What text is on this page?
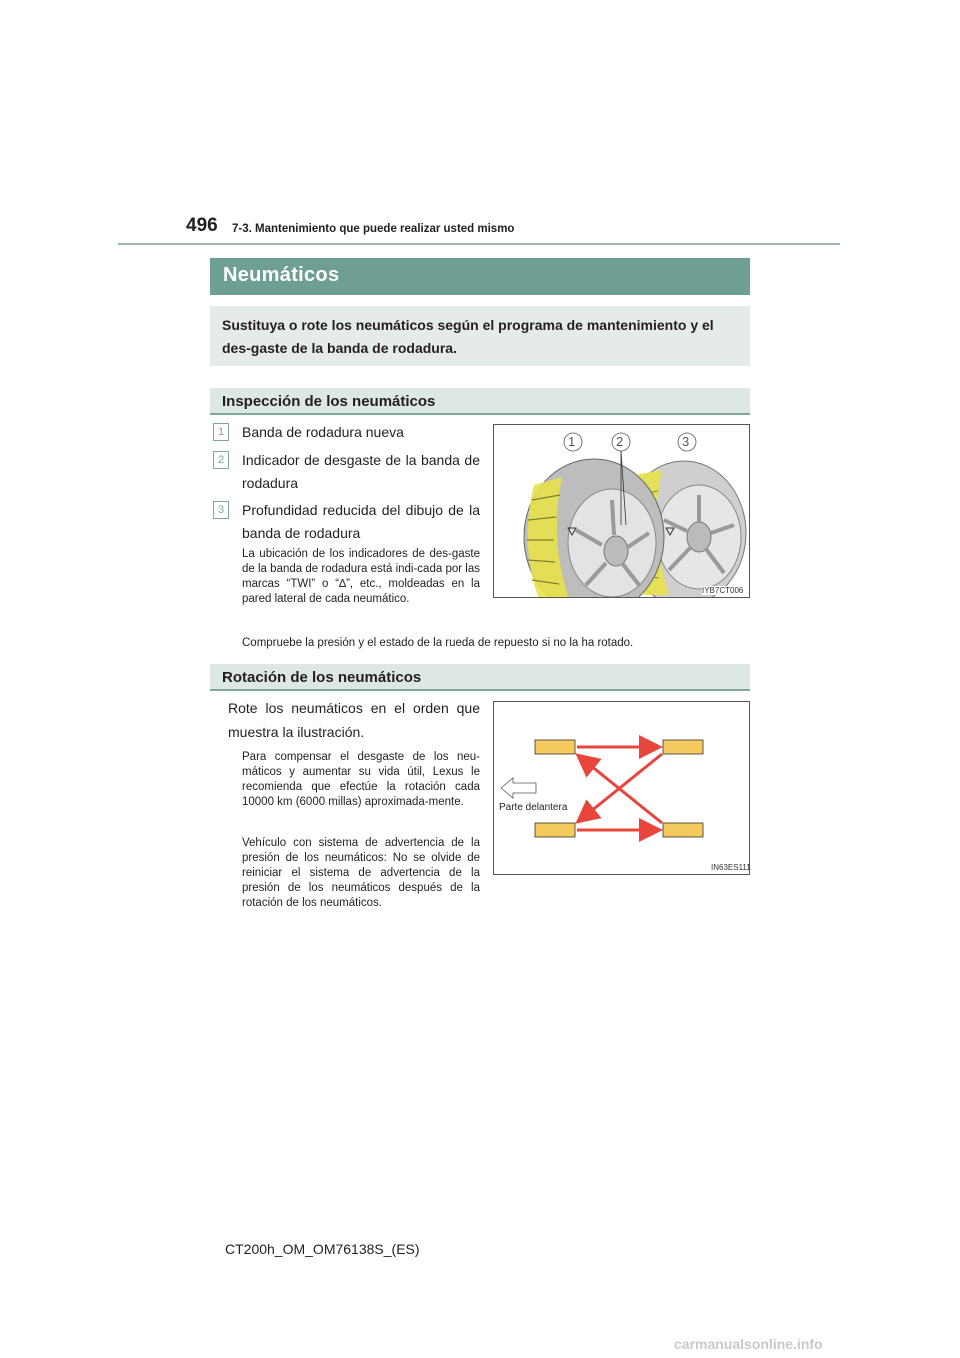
496 7-3. Mantenimiento que puede realizar usted mismo
Neumáticos
Sustituya o rote los neumáticos según el programa de mantenimiento y el des-gaste de la banda de rodadura.
Inspección de los neumáticos
1	Banda de rodadura nueva
2	Indicador de desgaste de la banda de rodadura
3	Profundidad reducida del dibujo de la banda de rodadura
La ubicación de los indicadores de des-gaste de la banda de rodadura está indi-cada por las marcas “TWI” o “∆”, etc., moldeadas en la pared lateral de cada neumático.
Compruebe la presión y el estado de la rueda de repuesto si no la ha rotado.
1	2	3
IYB7CT006
Rotación de los neumáticos
Rote los neumáticos en el orden que muestra la ilustración.
Para compensar el desgaste de los neu-máticos y aumentar su vida útil, Lexus le recomienda que efectúe la rotación cada 10000 km (6000 millas) aproximada-mente.
Vehículo con sistema de advertencia de la presión de los neumáticos: No se olvide de reiniciar el sistema de advertencia de la presión de los neumáticos después de la rotación de los neumáticos.
Parte delantera
IN63ES111
CT200h_OM_OM76138S_(ES)
carmanualsonline.info
